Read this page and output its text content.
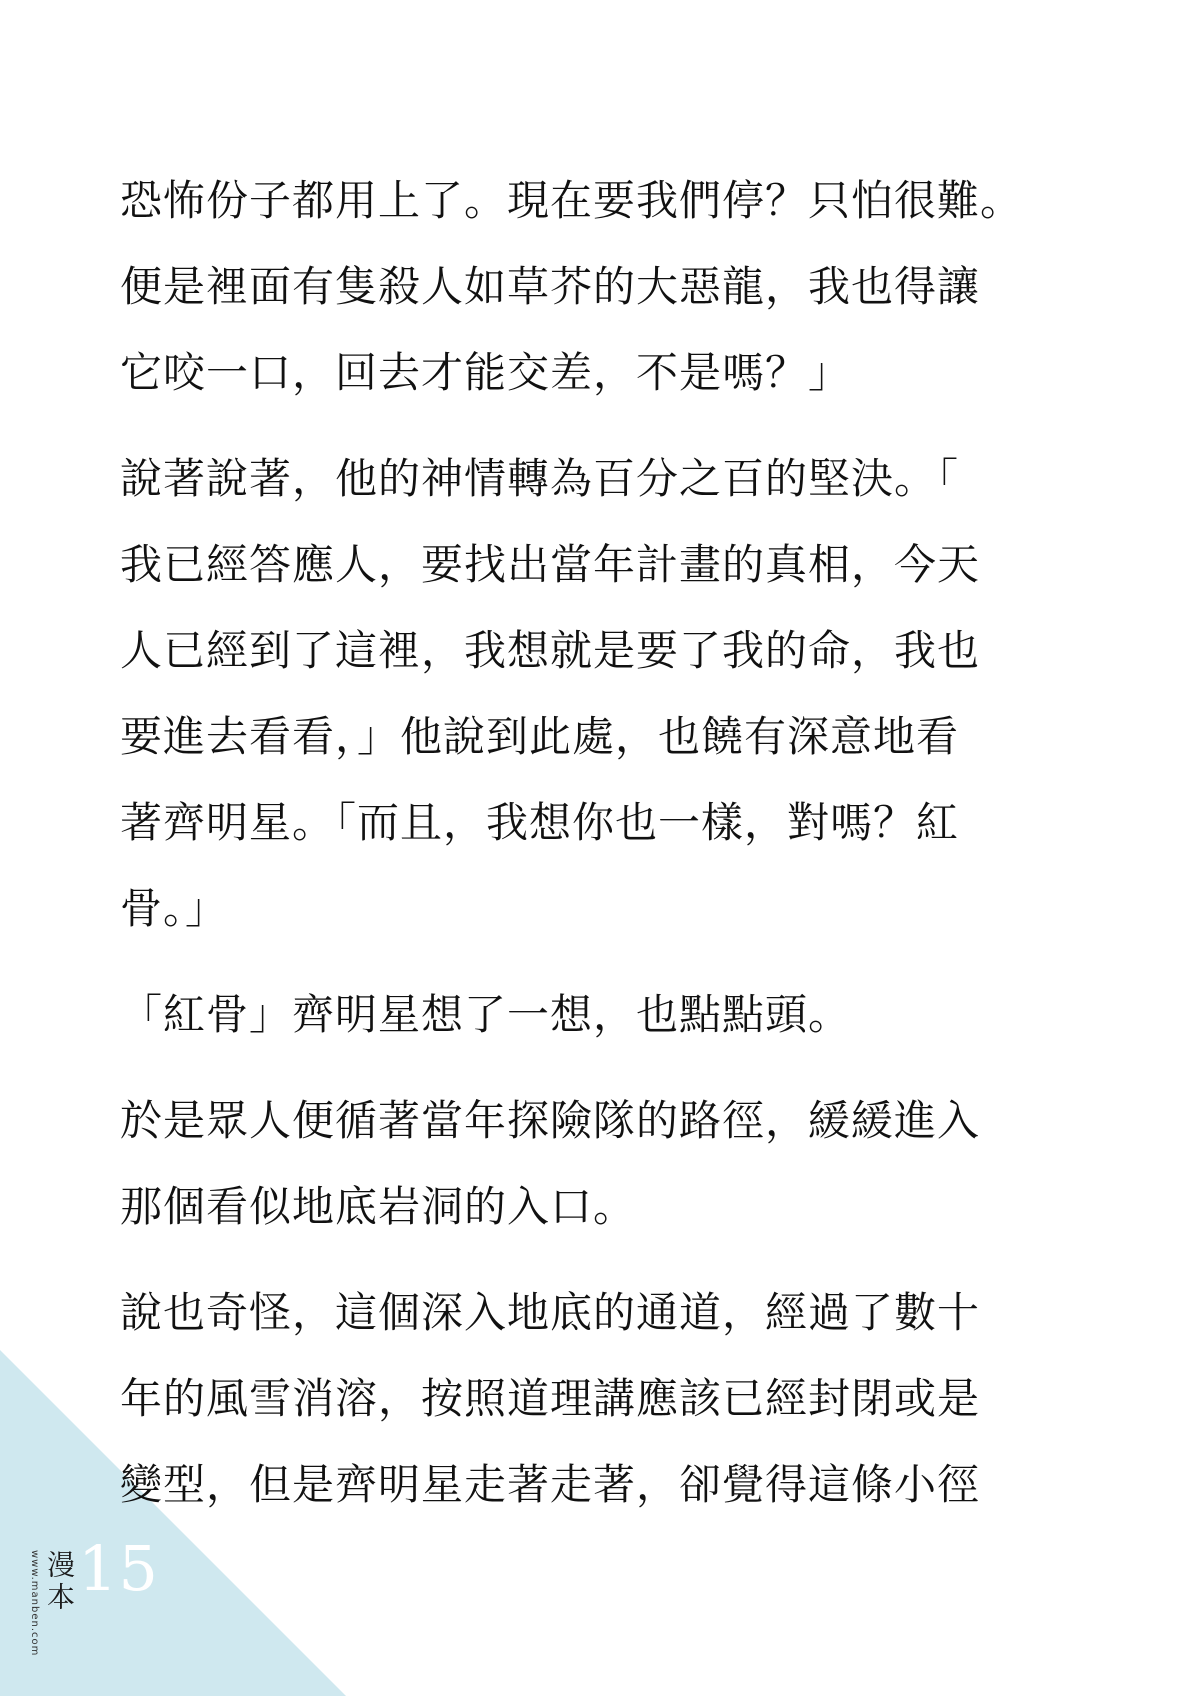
恐怖份子都用上了。現在要我們停？只怕很難。
便是裡面有隻殺人如草芥的大惡龍，我也得讓
它咬一口，回去才能交差，不是嗎？」

說著說著，他的神情轉為百分之百的堅決。「
我已經答應人，要找出當年計畫的真相，今天
人已經到了這裡，我想就是要了我的命，我也
要進去看看，」他說到此處，也饒有深意地看
著齊明星。「而且，我想你也一樣，對嗎？紅
骨。」

「紅骨」齊明星想了一想，也點點頭。

於是眾人便循著當年探險隊的路徑，緩緩進入
那個看似地底岩洞的入口。

說也奇怪，這個深入地底的通道，經過了數十
年的風雪消溶，按照道理講應該已經封閉或是
變型，但是齊明星走著走著，卻覺得這條小徑

www.manben.com 漫本 15
